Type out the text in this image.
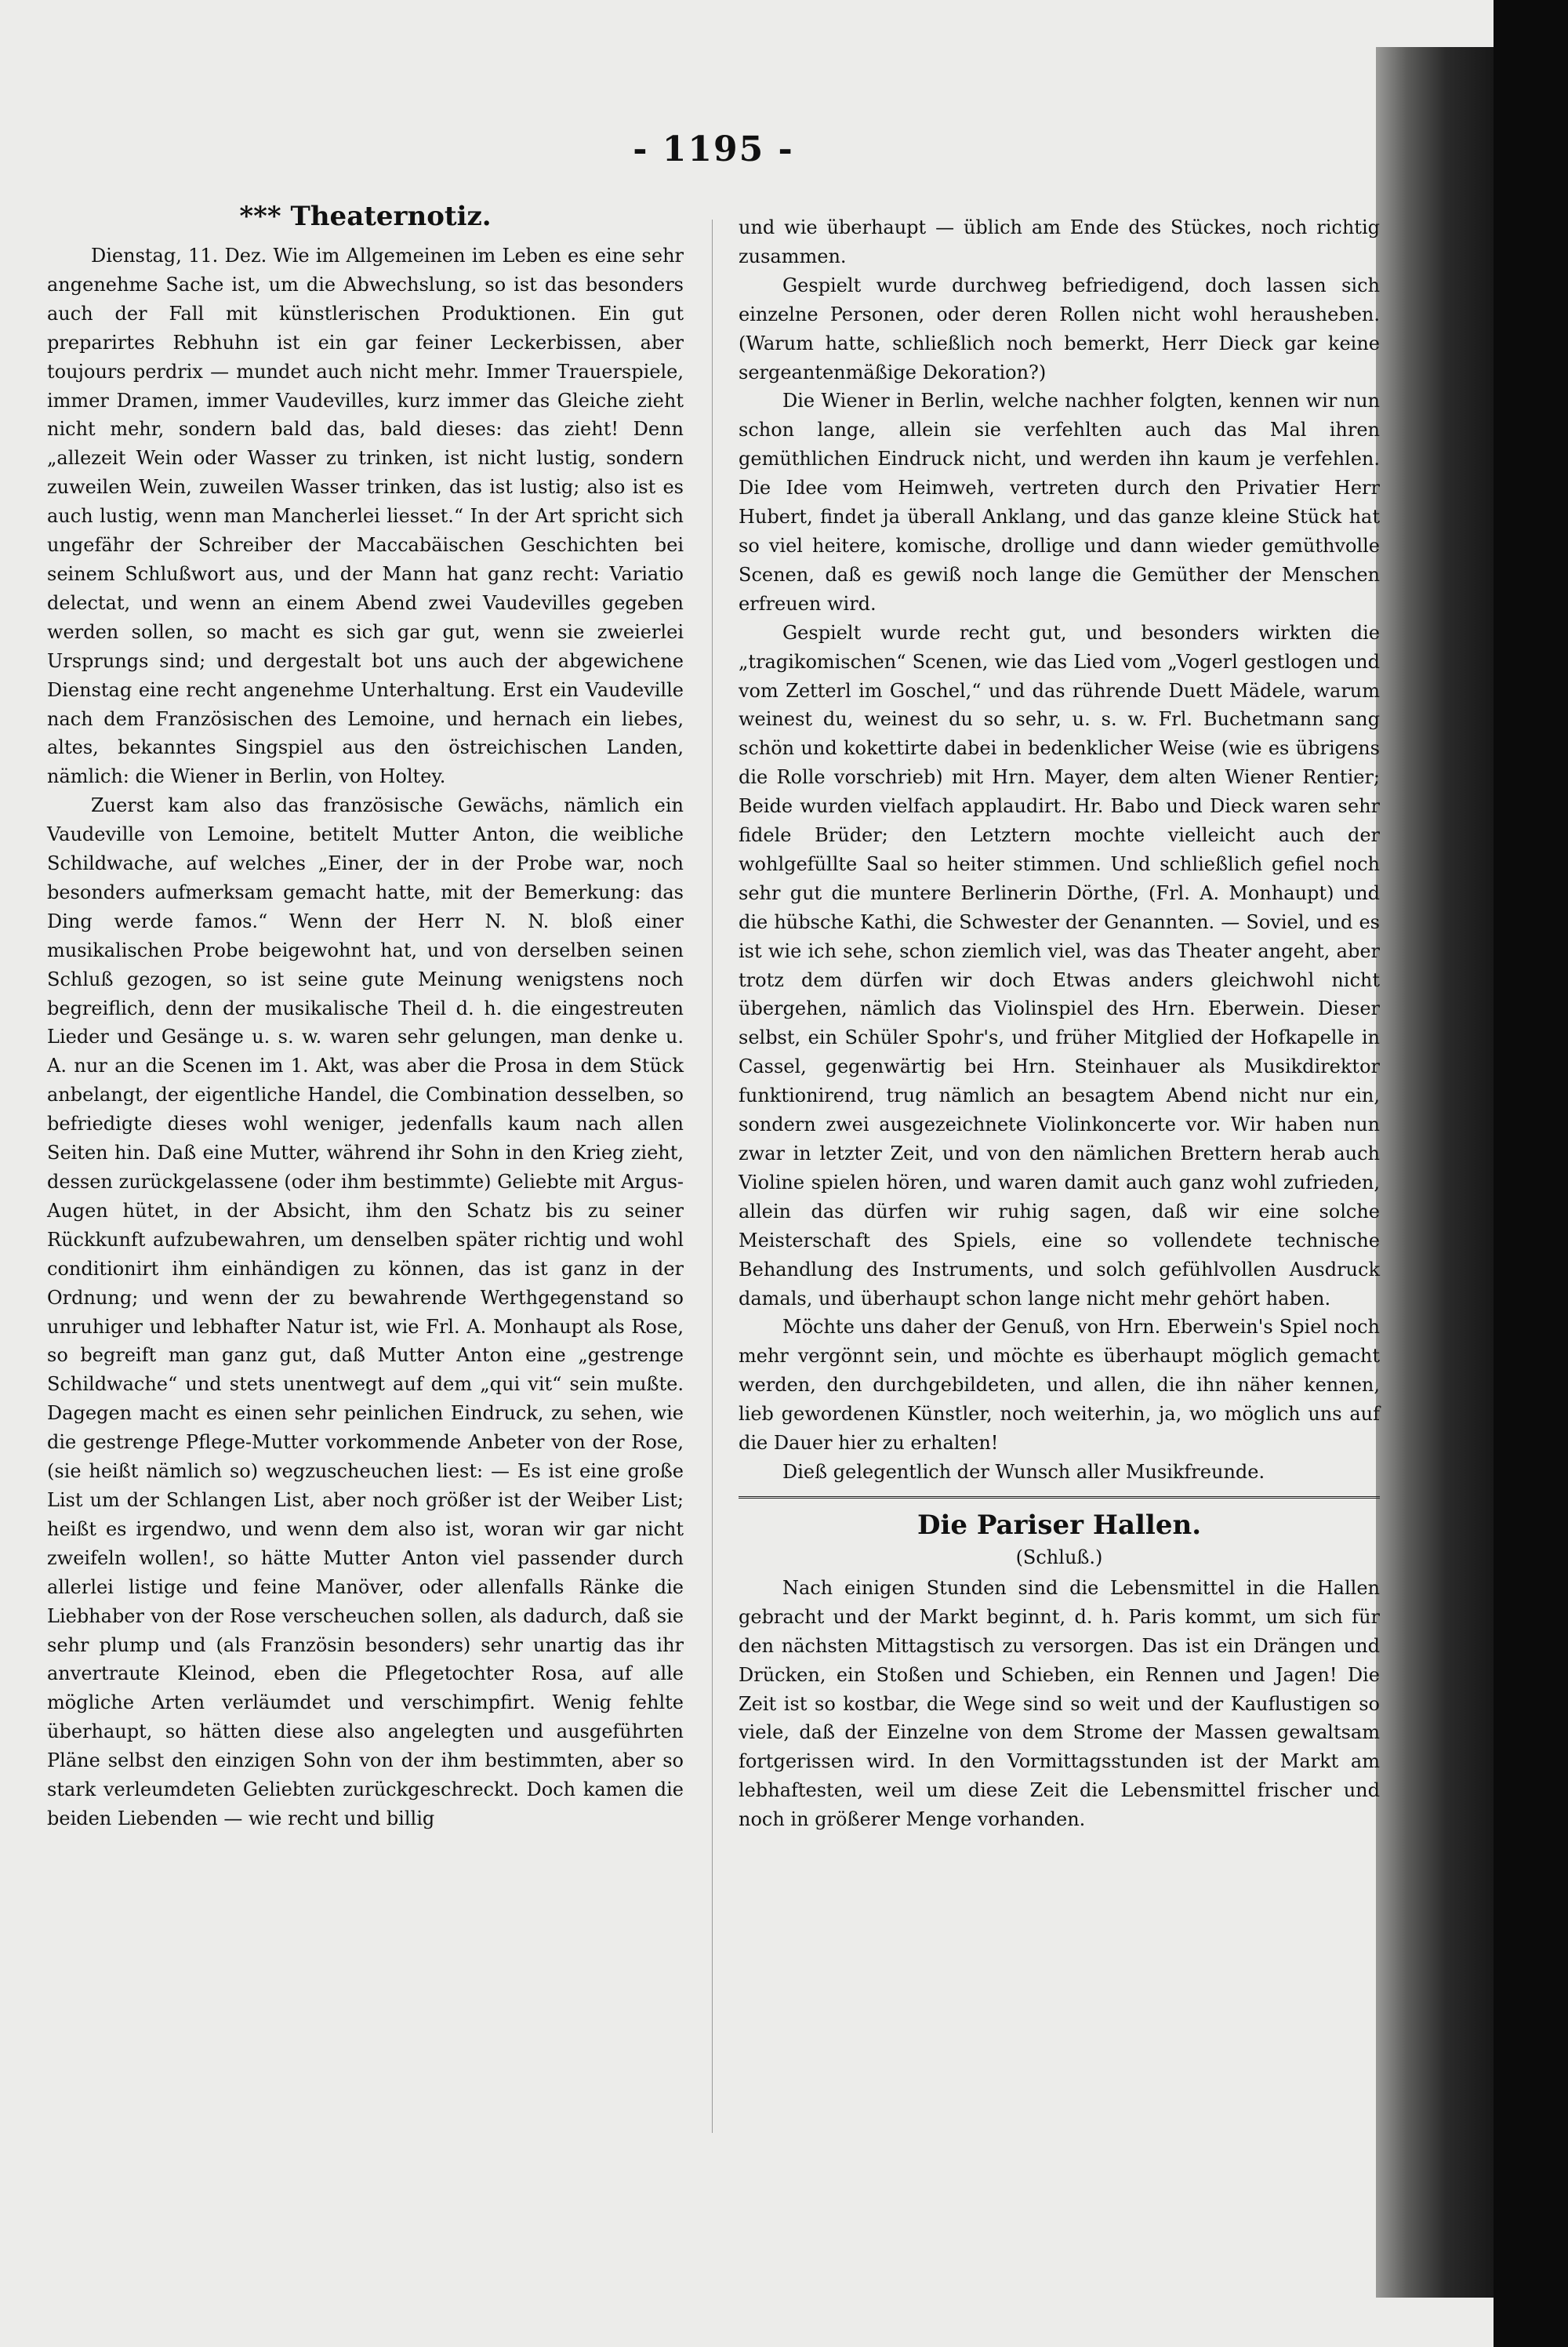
- 1195 -
*** Theaternotiz.

Dienstag, 11. Dez. Wie im Allgemeinen im Leben es eine sehr angenehme Sache ist, um die Abwechslung, so ist das besonders auch der Fall mit künstlerischen Produktionen. Ein gut preparirtes Rebhuhn ist ein gar feiner Leckerbissen, aber toujours perdrix — mundet auch nicht mehr. Immer Trauerspiele, immer Dramen, immer Vaudevilles, kurz immer das Gleiche zieht nicht mehr, sondern bald das, bald dieses: das zieht! Denn „allezeit Wein oder Wasser zu trinken, ist nicht lustig, sondern zuweilen Wein, zuweilen Wasser trinken, das ist lustig; also ist es auch lustig, wenn man Mancherlei liesset.“ In der Art spricht sich ungefähr der Schreiber der Maccabäischen Geschichten bei seinem Schlußwort aus, und der Mann hat ganz recht: Variatio delectat, und wenn an einem Abend zwei Vaudevilles gegeben werden sollen, so macht es sich gar gut, wenn sie zweierlei Ursprungs sind; und dergestalt bot uns auch der abgewichene Dienstag eine recht angenehme Unterhaltung. Erst ein Vaudeville nach dem Französischen des Lemoine, und hernach ein liebes, altes, bekanntes Singspiel aus den östreichischen Landen, nämlich: die Wiener in Berlin, von Holtey.

Zuerst kam also das französische Gewächs, nämlich ein Vaudeville von Lemoine, betitelt Mutter Anton, die weibliche Schildwache, auf welches „Einer, der in der Probe war, noch besonders aufmerksam gemacht hatte, mit der Bemerkung: das Ding werde famos.“ Wenn der Herr N. N. bloß einer musikalischen Probe beigewohnt hat, und von derselben seinen Schluß gezogen, so ist seine gute Meinung wenigstens noch begreiflich, denn der musikalische Theil d. h. die eingestreuten Lieder und Gesänge u. s. w. waren sehr gelungen, man denke u. A. nur an die Scenen im 1. Akt, was aber die Prosa in dem Stück anbelangt, der eigentliche Handel, die Combination desselben, so befriedigte dieses wohl weniger, jedenfalls kaum nach allen Seiten hin. Daß eine Mutter, während ihr Sohn in den Krieg zieht, dessen zurückgelassene (oder ihm bestimmte) Geliebte mit Argus-Augen hütet, in der Absicht, ihm den Schatz bis zu seiner Rückkunft aufzubewahren, um denselben später richtig und wohl conditionirt ihm einhändigen zu können, das ist ganz in der Ordnung; und wenn der zu bewahrende Werthgegenstand so unruhiger und lebhafter Natur ist, wie Frl. A. Monhaupt als Rose, so begreift man ganz gut, daß Mutter Anton eine „gestrenge Schildwache“ und stets unentwegt auf dem „qui vit“ sein mußte. Dagegen macht es einen sehr peinlichen Eindruck, zu sehen, wie die gestrenge Pflege-Mutter vorkommende Anbeter von der Rose, (sie heißt nämlich so) wegzuscheuchen liest: — Es ist eine große List um der Schlangen List, aber noch größer ist der Weiber List; heißt es irgendwo, und wenn dem also ist, woran wir gar nicht zweifeln wollen!, so hätte Mutter Anton viel passender durch allerlei listige und feine Manöver, oder allenfalls Ränke die Liebhaber von der Rose verscheuchen sollen, als dadurch, daß sie sehr plump und (als Französin besonders) sehr unartig das ihr anvertraute Kleinod, eben die Pflegetochter Rosa, auf alle mögliche Arten verläumdet und verschimpfirt. Wenig fehlte überhaupt, so hätten diese also angelegten und ausgeführten Pläne selbst den einzigen Sohn von der ihm bestimmten, aber so stark verleumdeten Geliebten zurückgeschreckt. Doch kamen die beiden Liebenden — wie recht und billig

und wie überhaupt — üblich am Ende des Stückes, noch richtig zusammen.

Gespielt wurde durchweg befriedigend, doch lassen sich einzelne Personen, oder deren Rollen nicht wohl herausheben. (Warum hatte, schließlich noch bemerkt, Herr Dieck gar keine sergeantenmäßige Dekoration?)

Die Wiener in Berlin, welche nachher folgten, kennen wir nun schon lange, allein sie verfehlten auch das Mal ihren gemüthlichen Eindruck nicht, und werden ihn kaum je verfehlen. Die Idee vom Heimweh, vertreten durch den Privatier Herr Hubert, findet ja überall Anklang, und das ganze kleine Stück hat so viel heitere, komische, drollige und dann wieder gemüthvolle Scenen, daß es gewiß noch lange die Gemüther der Menschen erfreuen wird.

Gespielt wurde recht gut, und besonders wirkten die „tragikomischen“ Scenen, wie das Lied vom „Vogerl gestlogen und vom Zetterl im Goschel,“ und das rührende Duett Mädele, warum weinest du, weinest du so sehr, u. s. w. Frl. Buchetmann sang schön und kokettirte dabei in bedenklicher Weise (wie es übrigens die Rolle vorschrieb) mit Hrn. Mayer, dem alten Wiener Rentier; Beide wurden vielfach applaudirt. Hr. Babo und Dieck waren sehr fidele Brüder; den Letztern mochte vielleicht auch der wohlgefüllte Saal so heiter stimmen. Und schließlich gefiel noch sehr gut die muntere Berlinerin Dörthe, (Frl. A. Monhaupt) und die hübsche Kathi, die Schwester der Genannten. — Soviel, und es ist wie ich sehe, schon ziemlich viel, was das Theater angeht, aber trotz dem dürfen wir doch Etwas anders gleichwohl nicht übergehen, nämlich das Violinspiel des Hrn. Eberwein. Dieser selbst, ein Schüler Spohr's, und früher Mitglied der Hofkapelle in Cassel, gegenwärtig bei Hrn. Steinhauer als Musikdirektor funktionirend, trug nämlich an besagtem Abend nicht nur ein, sondern zwei ausgezeichnete Violinkoncerte vor. Wir haben nun zwar in letzter Zeit, und von den nämlichen Brettern herab auch Violine spielen hören, und waren damit auch ganz wohl zufrieden, allein das dürfen wir ruhig sagen, daß wir eine solche Meisterschaft des Spiels, eine so vollendete technische Behandlung des Instruments, und solch gefühlvollen Ausdruck damals, und überhaupt schon lange nicht mehr gehört haben.

Möchte uns daher der Genuß, von Hrn. Eberwein's Spiel noch mehr vergönnt sein, und möchte es überhaupt möglich gemacht werden, den durchgebildeten, und allen, die ihn näher kennen, lieb gewordenen Künstler, noch weiterhin, ja, wo möglich uns auf die Dauer hier zu erhalten!

Dieß gelegentlich der Wunsch aller Musikfreunde.

Die Pariser Hallen.
(Schluß.)

Nach einigen Stunden sind die Lebensmittel in die Hallen gebracht und der Markt beginnt, d. h. Paris kommt, um sich für den nächsten Mittagstisch zu versorgen. Das ist ein Drängen und Drücken, ein Stoßen und Schieben, ein Rennen und Jagen! Die Zeit ist so kostbar, die Wege sind so weit und der Kauflustigen so viele, daß der Einzelne von dem Strome der Massen gewaltsam fortgerissen wird. In den Vormittagsstunden ist der Markt am lebhaftesten, weil um diese Zeit die Lebensmittel frischer und noch in größerer Menge vorhanden.
